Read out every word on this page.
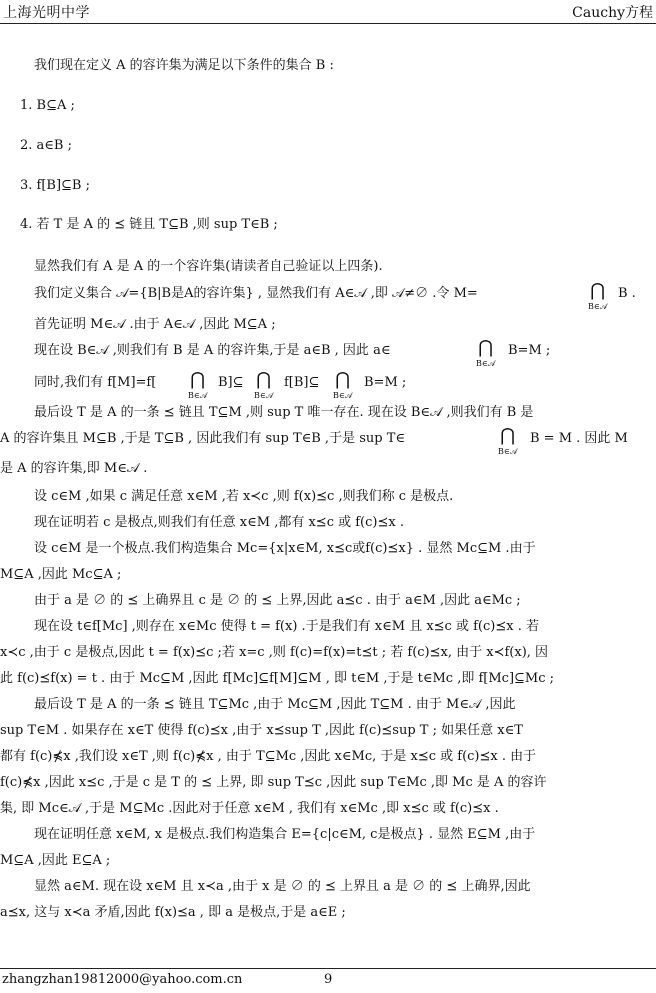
上海光明中学	Cauchy方程
我们现在定义 A 的容许集为满足以下条件的集合 B :
1. B⊆A ;
2. a∈B ;
3. f[B]⊆B ;
4. 若 T 是 A 的 ⪯ 链且 T⊆B ,则 sup T∈B ;
显然我们有 A 是 A 的一个容许集(请读者自己验证以上四条).
我们定义集合 𝒜={B|B是A的容许集} , 显然我们有 A∈𝒜 ,即 𝒜≠∅ .令 M=	⋂
B∈𝒜
B .
首先证明 M∈𝒜 .由于 A∈𝒜 ,因此 M⊆A ;
现在设 B∈𝒜 ,则我们有 B 是 A 的容许集,于是 a∈B , 因此 a∈	⋂
B∈𝒜
B=M ;
同时,我们有 f[M]=f[ ⋂
B∈𝒜
B]⊆ ⋂
B∈𝒜
f[B]⊆ ⋂
B∈𝒜
B=M ;
最后设 T 是 A 的一条 ⪯ 链且 T⊆M ,则 sup T 唯一存在. 现在设 B∈𝒜 ,则我们有 B 是
A 的容许集且 M⊆B ,于是 T⊆B , 因此我们有 sup T∈B ,于是 sup T∈	⋂
B∈𝒜
B = M . 因此 M
是 A 的容许集,即 M∈𝒜 .
设 c∈M ,如果 c 满足任意 x∈M ,若 x≺c ,则 f(x)⪯c ,则我们称 c 是极点.
现在证明若 c 是极点,则我们有任意 x∈M ,都有 x⪯c 或 f(c)⪯x .
设 c∈M 是一个极点.我们构造集合 Mc={x|x∈M, x⪯c或f(c)⪯x} . 显然 Mc⊆M .由于
M⊆A ,因此 Mc⊆A ;
由于 a 是 ∅ 的 ⪯ 上确界且 c 是 ∅ 的 ⪯ 上界,因此 a⪯c . 由于 a∈M ,因此 a∈Mc ;
现在设 t∈f[Mc] ,则存在 x∈Mc 使得 t = f(x) .于是我们有 x∈M 且 x⪯c 或 f(c)⪯x . 若
x≺c ,由于 c 是极点,因此 t = f(x)⪯c ;若 x=c ,则 f(c)=f(x)=t⪯t ; 若 f(c)⪯x, 由于 x≺f(x), 因
此 f(c)⪯f(x) = t . 由于 Mc⊆M ,因此 f[Mc]⊆f[M]⊆M , 即 t∈M ,于是 t∈Mc ,即 f[Mc]⊆Mc ;
最后设 T 是 A 的一条 ⪯ 链且 T⊆Mc ,由于 Mc⊆M ,因此 T⊆M . 由于 M∈𝒜 ,因此
sup T∈M . 如果存在 x∈T 使得 f(c)⪯x ,由于 x⪯sup T ,因此 f(c)⪯sup T ; 如果任意 x∈T
都有 f(c)⋠x ,我们设 x∈T ,则 f(c)⋠x , 由于 T⊆Mc ,因此 x∈Mc, 于是 x⪯c 或 f(c)⪯x . 由于
f(c)⋠x ,因此 x⪯c ,于是 c 是 T 的 ⪯ 上界, 即 sup T⪯c ,因此 sup T∈Mc ,即 Mc 是 A 的容许
集, 即 Mc∈𝒜 ,于是 M⊆Mc .因此对于任意 x∈M , 我们有 x∈Mc ,即 x⪯c 或 f(c)⪯x .
现在证明任意 x∈M, x 是极点.我们构造集合 E={c|c∈M, c是极点} . 显然 E⊆M ,由于
M⊆A ,因此 E⊆A ;
显然 a∈M. 现在设 x∈M 且 x≺a ,由于 x 是 ∅ 的 ⪯ 上界且 a 是 ∅ 的 ⪯ 上确界,因此
a⪯x, 这与 x≺a 矛盾,因此 f(x)⪯a , 即 a 是极点,于是 a∈E ;
zhangzhan19812000@yahoo.com.cn	9
